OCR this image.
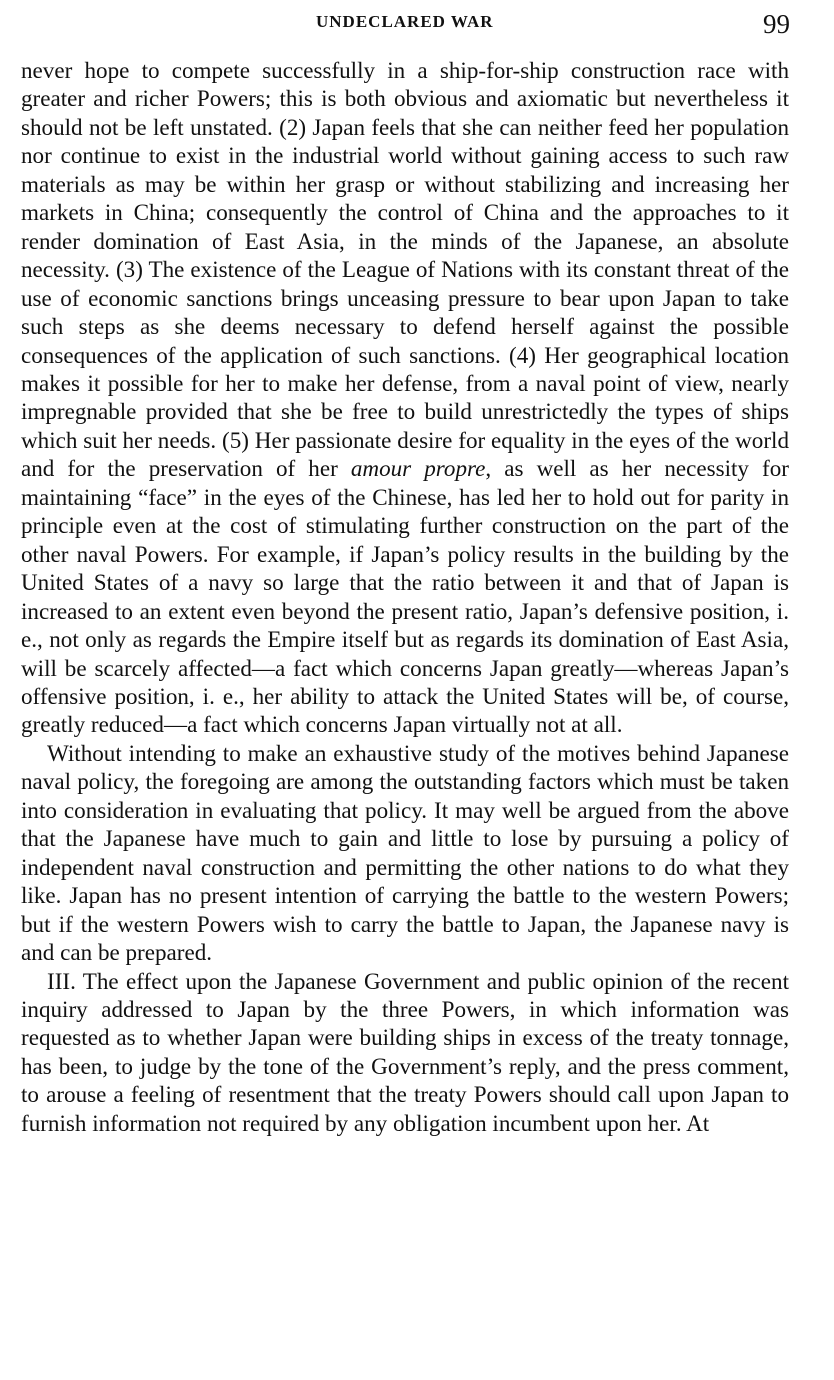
UNDECLARED WAR	99

never hope to compete successfully in a ship-for-ship construction race with greater and richer Powers; this is both obvious and axiomatic but nevertheless it should not be left unstated. (2) Japan feels that she can neither feed her population nor continue to exist in the industrial world without gaining access to such raw materials as may be within her grasp or without stabilizing and increasing her markets in China; consequently the control of China and the approaches to it render domination of East Asia, in the minds of the Japanese, an absolute necessity. (3) The existence of the League of Nations with its constant threat of the use of economic sanctions brings unceasing pressure to bear upon Japan to take such steps as she deems necessary to defend herself against the possible consequences of the application of such sanctions. (4) Her geographical location makes it possible for her to make her defense, from a naval point of view, nearly impregnable provided that she be free to build unrestrictedly the types of ships which suit her needs. (5) Her passionate desire for equality in the eyes of the world and for the preservation of her amour propre, as well as her necessity for maintaining “face” in the eyes of the Chinese, has led her to hold out for parity in principle even at the cost of stimulating further construction on the part of the other naval Powers. For example, if Japan’s policy results in the building by the United States of a navy so large that the ratio between it and that of Japan is increased to an extent even beyond the present ratio, Japan’s defensive position, i. e., not only as regards the Empire itself but as regards its domination of East Asia, will be scarcely affected—a fact which concerns Japan greatly—whereas Japan’s offensive position, i. e., her ability to attack the United States will be, of course, greatly reduced—a fact which concerns Japan virtually not at all.

Without intending to make an exhaustive study of the motives behind Japanese naval policy, the foregoing are among the outstanding factors which must be taken into consideration in evaluating that policy. It may well be argued from the above that the Japanese have much to gain and little to lose by pursuing a policy of independent naval construction and permitting the other nations to do what they like. Japan has no present intention of carrying the battle to the western Powers; but if the western Powers wish to carry the battle to Japan, the Japanese navy is and can be prepared.

III. The effect upon the Japanese Government and public opinion of the recent inquiry addressed to Japan by the three Powers, in which information was requested as to whether Japan were building ships in excess of the treaty tonnage, has been, to judge by the tone of the Government’s reply, and the press comment, to arouse a feeling of resentment that the treaty Powers should call upon Japan to furnish information not required by any obligation incumbent upon her. At
